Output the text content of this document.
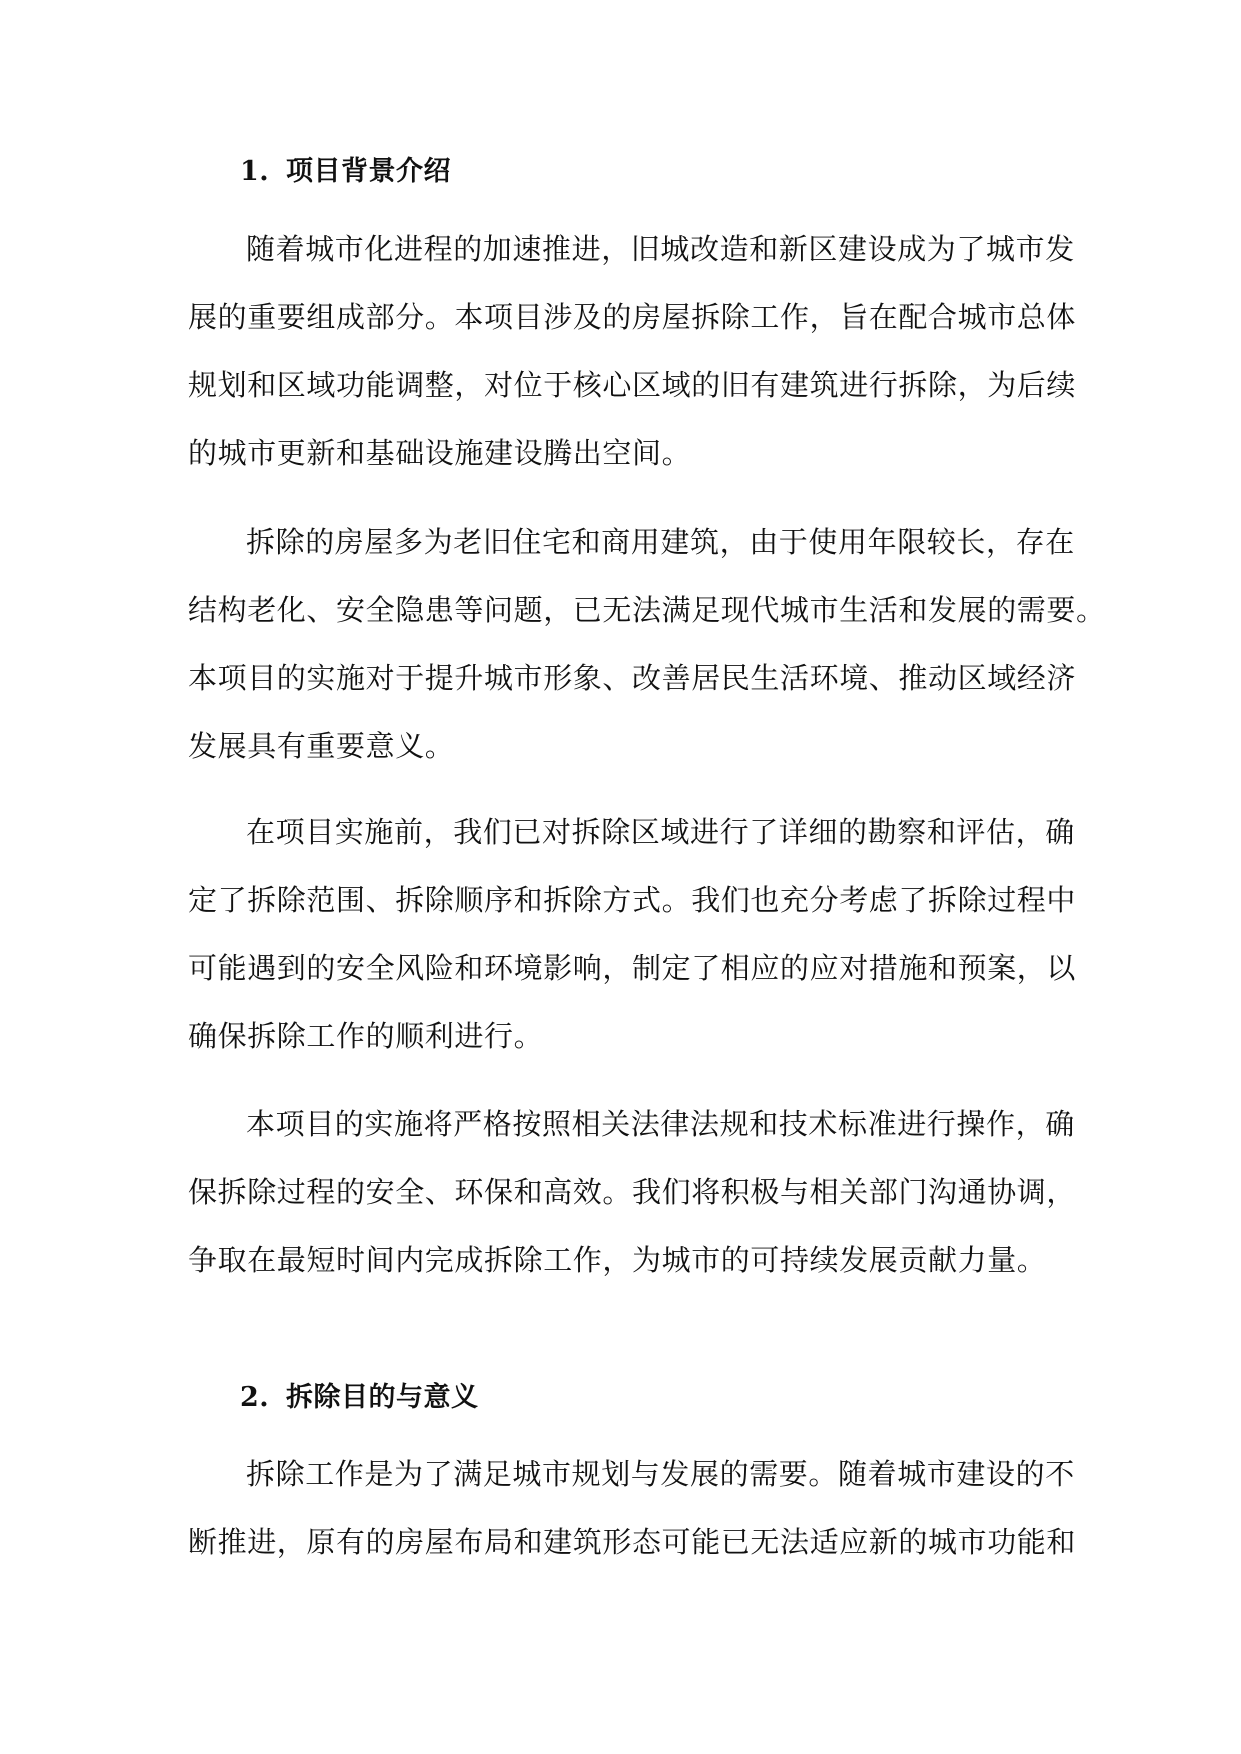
1. 项目背景介绍

随着城市化进程的加速推进，旧城改造和新区建设成为了城市发

展的重要组成部分。本项目涉及的房屋拆除工作，旨在配合城市总体

规划和区域功能调整，对位于核心区域的旧有建筑进行拆除，为后续

的城市更新和基础设施建设腾出空间。

拆除的房屋多为老旧住宅和商用建筑，由于使用年限较长，存在

结构老化、安全隐患等问题，已无法满足现代城市生活和发展的需要。

本项目的实施对于提升城市形象、改善居民生活环境、推动区域经济

发展具有重要意义。

在项目实施前，我们已对拆除区域进行了详细的勘察和评估，确

定了拆除范围、拆除顺序和拆除方式。我们也充分考虑了拆除过程中

可能遇到的安全风险和环境影响，制定了相应的应对措施和预案，以

确保拆除工作的顺利进行。

本项目的实施将严格按照相关法律法规和技术标准进行操作，确

保拆除过程的安全、环保和高效。我们将积极与相关部门沟通协调，

争取在最短时间内完成拆除工作，为城市的可持续发展贡献力量。

2. 拆除目的与意义

拆除工作是为了满足城市规划与发展的需要。随着城市建设的不

断推进，原有的房屋布局和建筑形态可能已无法适应新的城市功能和
